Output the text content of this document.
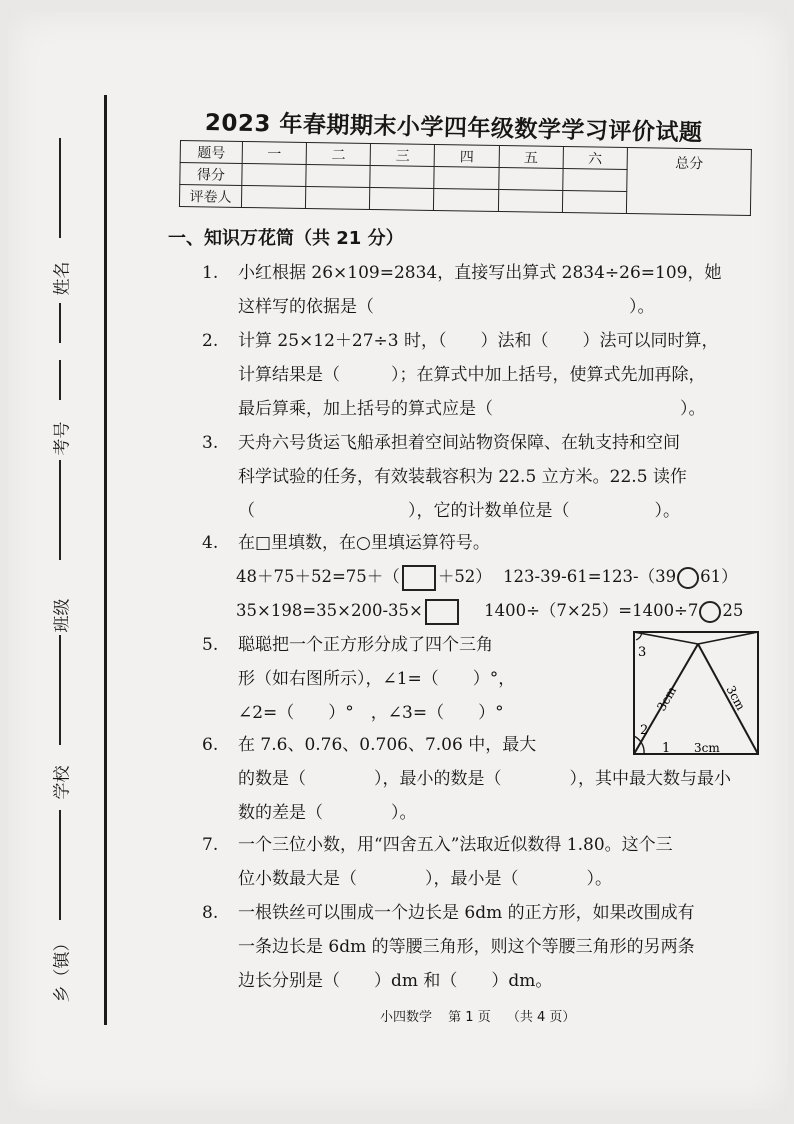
姓名
考号
班级
学校
乡（镇）
2023 年春期期末小学四年级数学学习评价试题
题号	一	二	三	四	五	六	总分
得分							
评卷人							
一、知识万花筒（共 21 分）
1.	小红根据 26×109=2834，直接写出算式 2834÷26=109，她
这样写的依据是（　　　　　　　　　　　　　　　）。
2.	计算 25×12＋27÷3 时，（　　）法和（　　）法可以同时算，
计算结果是（　　　）；在算式中加上括号，使算式先加再除，
最后算乘，加上括号的算式应是（　　　　　　　　　　　）。
3.	天舟六号货运飞船承担着空间站物资保障、在轨支持和空间
科学试验的任务，有效装载容积为 22.5 立方米。22.5 读作
（　　　　　　　　　），它的计数单位是（　　　　　）。
4.	在□里填数，在○里填运算符号。
48＋75＋52=75＋（ ＋52） 123-39-61=123-（39 61）
35×198=35×200-35×	1400÷（7×25）=1400÷7 25
5.	聪聪把一个正方形分成了四个三角
形（如右图所示），∠1=（　　）°，
∠2=（　　）°　，∠3=（　　）°
1
2
3
3cm	3cm
3cm
6.	在 7.6、0.76、0.706、7.06 中，最大
的数是（　　　　），最小的数是（　　　　），其中最大数与最小
数的差是（　　　　）。
7.	一个三位小数，用“四舍五入”法取近似数得 1.80。这个三
位小数最大是（　　　　），最小是（　　　　）。
8.	一根铁丝可以围成一个边长是 6dm 的正方形，如果改围成有
一条边长是 6dm 的等腰三角形，则这个等腰三角形的另两条
边长分别是（　　）dm 和（　　）dm。
小四数学 第 1 页 （共 4 页）
